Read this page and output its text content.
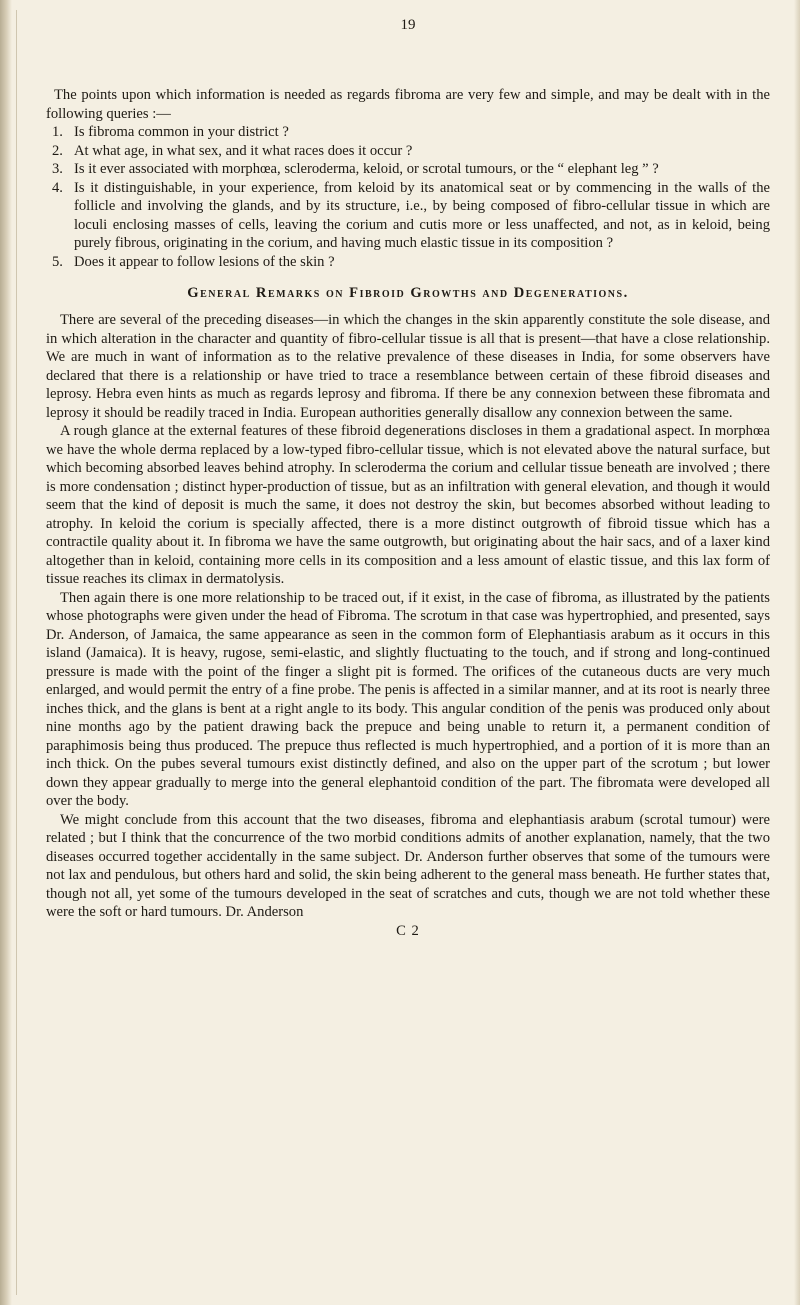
19

The points upon which information is needed as regards fibroma are very few and simple, and may be dealt with in the following queries :—

1. Is fibroma common in your district ?
2. At what age, in what sex, and it what races does it occur ?
3. Is it ever associated with morphœa, scleroderma, keloid, or scrotal tumours, or the “ elephant leg ” ?
4. Is it distinguishable, in your experience, from keloid by its anatomical seat or by commencing in the walls of the follicle and involving the glands, and by its structure, i.e., by being composed of fibro-cellular tissue in which are loculi enclosing masses of cells, leaving the corium and cutis more or less unaffected, and not, as in keloid, being purely fibrous, originating in the corium, and having much elastic tissue in its composition ?
5. Does it appear to follow lesions of the skin ?
General Remarks on Fibroid Growths and Degenerations.

There are several of the preceding diseases—in which the changes in the skin apparently constitute the sole disease, and in which alteration in the character and quantity of fibro-cellular tissue is all that is present—that have a close relationship. We are much in want of information as to the relative prevalence of these diseases in India, for some observers have declared that there is a relationship or have tried to trace a resemblance between certain of these fibroid diseases and leprosy. Hebra even hints as much as regards leprosy and fibroma. If there be any connexion between these fibromata and leprosy it should be readily traced in India. European authorities generally disallow any connexion between the same.

A rough glance at the external features of these fibroid degenerations discloses in them a gradational aspect. In morphœa we have the whole derma replaced by a low-typed fibro-cellular tissue, which is not elevated above the natural surface, but which becoming absorbed leaves behind atrophy. In scleroderma the corium and cellular tissue beneath are involved ; there is more condensation ; distinct hyper-production of tissue, but as an infiltration with general elevation, and though it would seem that the kind of deposit is much the same, it does not destroy the skin, but becomes absorbed without leading to atrophy. In keloid the corium is specially affected, there is a more distinct outgrowth of fibroid tissue which has a contractile quality about it. In fibroma we have the same outgrowth, but originating about the hair sacs, and of a laxer kind altogether than in keloid, containing more cells in its composition and a less amount of elastic tissue, and this lax form of tissue reaches its climax in dermatolysis.

Then again there is one more relationship to be traced out, if it exist, in the case of fibroma, as illustrated by the patients whose photographs were given under the head of Fibroma. The scrotum in that case was hypertrophied, and presented, says Dr. Anderson, of Jamaica, the same appearance as seen in the common form of Elephantiasis arabum as it occurs in this island (Jamaica). It is heavy, rugose, semi-elastic, and slightly fluctuating to the touch, and if strong and long-continued pressure is made with the point of the finger a slight pit is formed. The orifices of the cutaneous ducts are very much enlarged, and would permit the entry of a fine probe. The penis is affected in a similar manner, and at its root is nearly three inches thick, and the glans is bent at a right angle to its body. This angular condition of the penis was produced only about nine months ago by the patient drawing back the prepuce and being unable to return it, a permanent condition of paraphimosis being thus produced. The prepuce thus reflected is much hypertrophied, and a portion of it is more than an inch thick. On the pubes several tumours exist distinctly defined, and also on the upper part of the scrotum ; but lower down they appear gradually to merge into the general elephantoid condition of the part. The fibromata were developed all over the body.

We might conclude from this account that the two diseases, fibroma and elephantiasis arabum (scrotal tumour) were related ; but I think that the concurrence of the two morbid conditions admits of another explanation, namely, that the two diseases occurred together accidentally in the same subject. Dr. Anderson further observes that some of the tumours were not lax and pendulous, but others hard and solid, the skin being adherent to the general mass beneath. He further states that, though not all, yet some of the tumours developed in the seat of scratches and cuts, though we are not told whether these were the soft or hard tumours. Dr. Anderson

C 2
